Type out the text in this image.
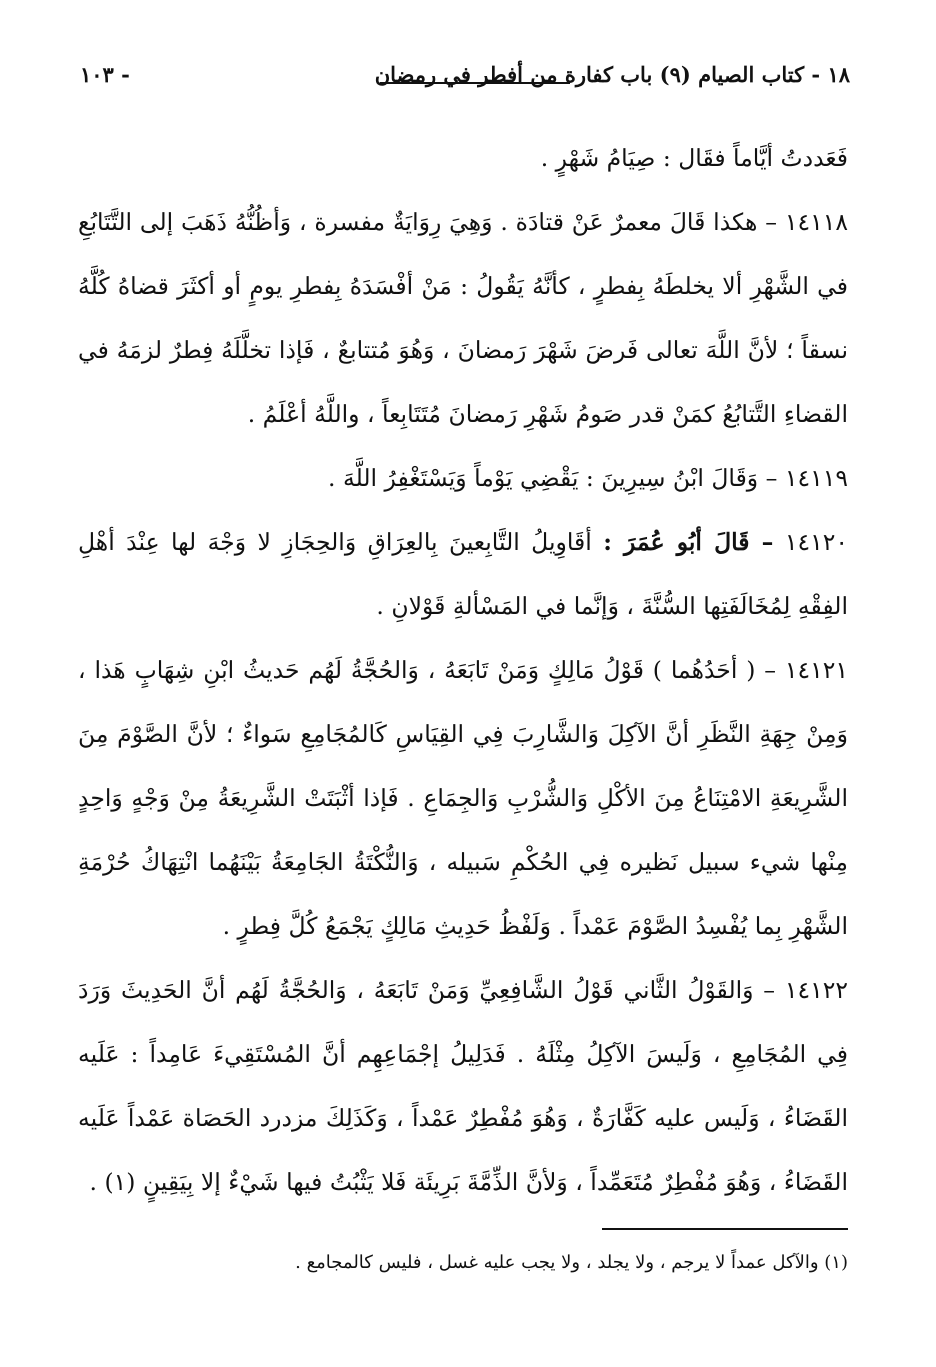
١٨ - كتاب الصيام (٩) باب كفارة من أفطر في رمضان
- ١٠٣

فَعَددتُ أيَّاماً فقَال : صِيَامُ شَهْرٍ .

١٤١١٨ – هكذا قَالَ معمرٌ عَنْ قتادَة . وَهِيَ رِوَايَةٌ مفسرة ، وَأظُنُّهُ ذَهَبَ إلى التَّتَابُعِ في الشَّهْرِ ألا يخلطَهُ بِفطرٍ ، كأنَّهُ يَقُولُ : مَنْ أفْسَدَهُ بِفطرِ يومٍ أو أكثَرَ قضاهُ كُلَّهُ نسقاً ؛ لأنَّ اللَّهَ تعالى فَرضَ شَهْرَ رَمضانَ ، وَهُوَ مُتتابعٌ ، فَإذا تخلَّلَهُ فِطرٌ لزمَهُ في القضاءِ التَّتابُعُ كمَنْ قدر صَومُ شَهْرِ رَمضانَ مُتَتَابِعاً ، واللَّهُ أعْلَمُ .

١٤١١٩ – وَقَالَ ابْنُ سِيرِينَ : يَقْضِي يَوْماً وَيَسْتَغْفِرُ اللَّهَ .

١٤١٢٠ – قَالَ أبُو عُمَرَ : أقَاوِيلُ التَّابِعينَ بِالعِرَاقِ وَالحِجَازِ لا وَجْهَ لها عِنْدَ أهْلِ الفِقْهِ لِمُخَالَفَتِها السُّنَّةَ ، وَإنَّما في المَسْألةِ قَوْلانِ .

١٤١٢١ – ( أحَدُهُما ) قَوْلُ مَالِكٍ وَمَنْ تَابَعَهُ ، وَالحُجَّةُ لَهُم حَديثُ ابْنِ شِهَابٍ هَذا ، وَمِنْ جِهَةِ النَّظَرِ أنَّ الآكِلَ وَالشَّارِبَ فِي القِيَاسِ كَالمُجَامِعِ سَواءٌ ؛ لأنَّ الصَّوْمَ مِنَ الشَّرِيعَةِ الامْتِنَاعُ مِنَ الأكْلِ وَالشُّرْبِ وَالجِمَاعِ . فَإذا أثْبَتَتْ الشَّرِيعَةُ مِنْ وَجْهٍ وَاحِدٍ مِنْها شيء سبيل نَظيره فِي الحُكْمِ سَبيله ، وَالنُّكْتَةُ الجَامِعَةُ بَيْنَهُما انْتِهَاكُ حُرْمَةِ الشَّهْرِ بِما يُفْسِدُ الصَّوْمَ عَمْداً . وَلَفْظُ حَدِيثِ مَالِكٍ يَجْمَعُ كُلَّ فِطرٍ .

١٤١٢٢ – وَالقَوْلُ الثَّاني قَوْلُ الشَّافِعِيِّ وَمَنْ تَابَعَهُ ، وَالحُجَّةُ لَهُم أنَّ الحَدِيثَ وَرَدَ فِي المُجَامِعِ ، وَلَيسَ الآكِلُ مِثْلَهُ . فَدَلِيلُ إجْمَاعِهِم أنَّ المُسْتَقِيءَ عَامِداً : عَلَيه القَضَاءُ ، وَلَيس عليه كَفَّارَةٌ ، وَهُوَ مُفْطِرٌ عَمْداً ، وَكَذَلِكَ مزدرد الحَصَاة عَمْداً عَلَيه القَضَاءُ ، وَهُوَ مُفْطِرٌ مُتَعَمِّداً ، وَلأنَّ الذِّمَّةَ بَرِيئَة فَلا يَثْبُتُ فيها شَيْءٌ إلا بِيَقِينٍ (١) .

(١) والآكل عمداً لا يرجم ، ولا يجلد ، ولا يجب عليه غسل ، فليس كالمجامع .
